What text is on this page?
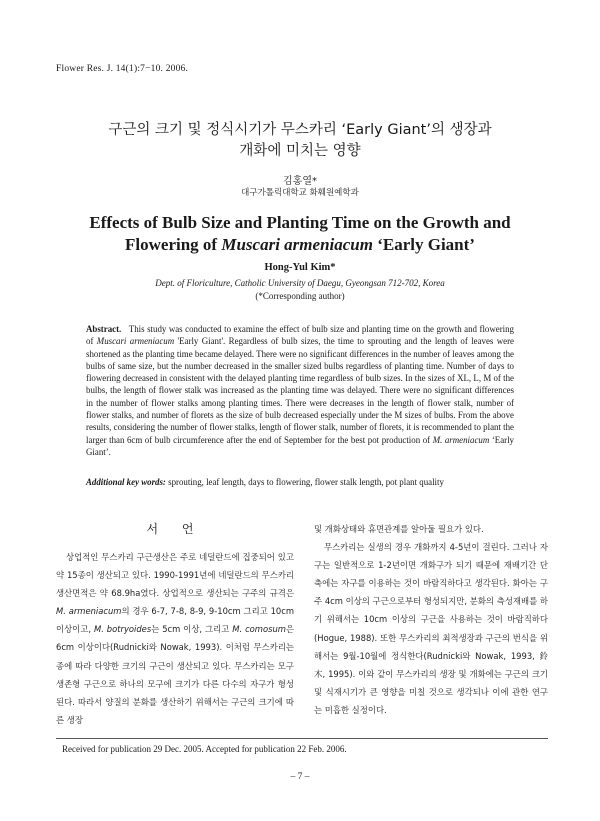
Flower Res. J. 14(1):7−10. 2006.
구근의 크기 및 정식시기가 무스카리 ‘Early Giant’의 생장과
개화에 미치는 영향
김홍열*
대구가톨릭대학교 화훼원예학과
Effects of Bulb Size and Planting Time on the Growth and
Flowering of Muscari armeniacum ‘Early Giant’
Hong-Yul Kim*
Dept. of Floriculture, Catholic University of Daegu, Gyeongsan 712-702, Korea
(*Corresponding author)
Abstract. This study was conducted to examine the effect of bulb size and planting time on the growth and flowering of Muscari armeniacum 'Early Giant'. Regardless of bulb sizes, the time to sprouting and the length of leaves were shortened as the planting time became delayed. There were no significant differences in the number of leaves among the bulbs of same size, but the number decreased in the smaller sized bulbs regardless of planting time. Number of days to flowering decreased in consistent with the delayed planting time regardless of bulb sizes. In the sizes of XL, L, M of the bulbs, the length of flower stalk was increased as the planting time was delayed. There were no significant differences in the number of flower stalks among planting times. There were decreases in the length of flower stalk, number of flower stalks, and number of florets as the size of bulb decreased especially under the M sizes of bulbs. From the above results, considering the number of flower stalks, length of flower stalk, number of florets, it is recommended to plant the larger than 6cm of bulb circumference after the end of September for the best pot production of M. armeniacum ‘Early Giant’.
Additional key words: sprouting, leaf length, days to flowering, flower stalk length, pot plant quality
서 언

상업적인 무스카리 구근생산은 주로 네덜란드에 집중되어 있고 약 15종이 생산되고 있다. 1990-1991년에 네덜란드의 무스카리 생산면적은 약 68.9ha였다. 상업적으로 생산되는 구주의 규격은 M. armeniacum의 경우 6-7, 7-8, 8-9, 9-10cm 그리고 10cm 이상이고, M. botryoides는 5cm 이상, 그리고 M. comosum은 6cm 이상이다(Rudnicki와 Nowak, 1993). 이처럼 무스카리는 종에 따라 다양한 크기의 구근이 생산되고 있다. 무스카리는 모구생존형 구근으로 하나의 모구에 크기가 다른 다수의 자구가 형성된다. 따라서 양질의 분화를 생산하기 위해서는 구근의 크기에 따른 생장

및 개화상태와 휴면관계를 알아둘 필요가 있다.

무스카리는 실생의 경우 개화까지 4-5년이 걸린다. 그러나 자구는 일반적으로 1-2년이면 개화구가 되기 때문에 재배기간 단축에는 자구를 이용하는 것이 바람직하다고 생각된다. 화아는 구주 4cm 이상의 구근으로부터 형성되지만, 분화의 측성재배를 하기 위해서는 10cm 이상의 구근을 사용하는 것이 바람직하다(Hogue, 1988). 또한 무스카리의 최적생장과 구근의 번식을 위해서는 9월-10월에 정식한다(Rudnicki와 Nowak, 1993, 鈴木, 1995). 이와 같이 무스카리의 생장 및 개화에는 구근의 크기 및 식재시기가 큰 영향을 미칠 것으로 생각되나 이에 관한 연구는 미흡한 실정이다.

Received for publication 29 Dec. 2005. Accepted for publication 22 Feb. 2006.
– 7 –
